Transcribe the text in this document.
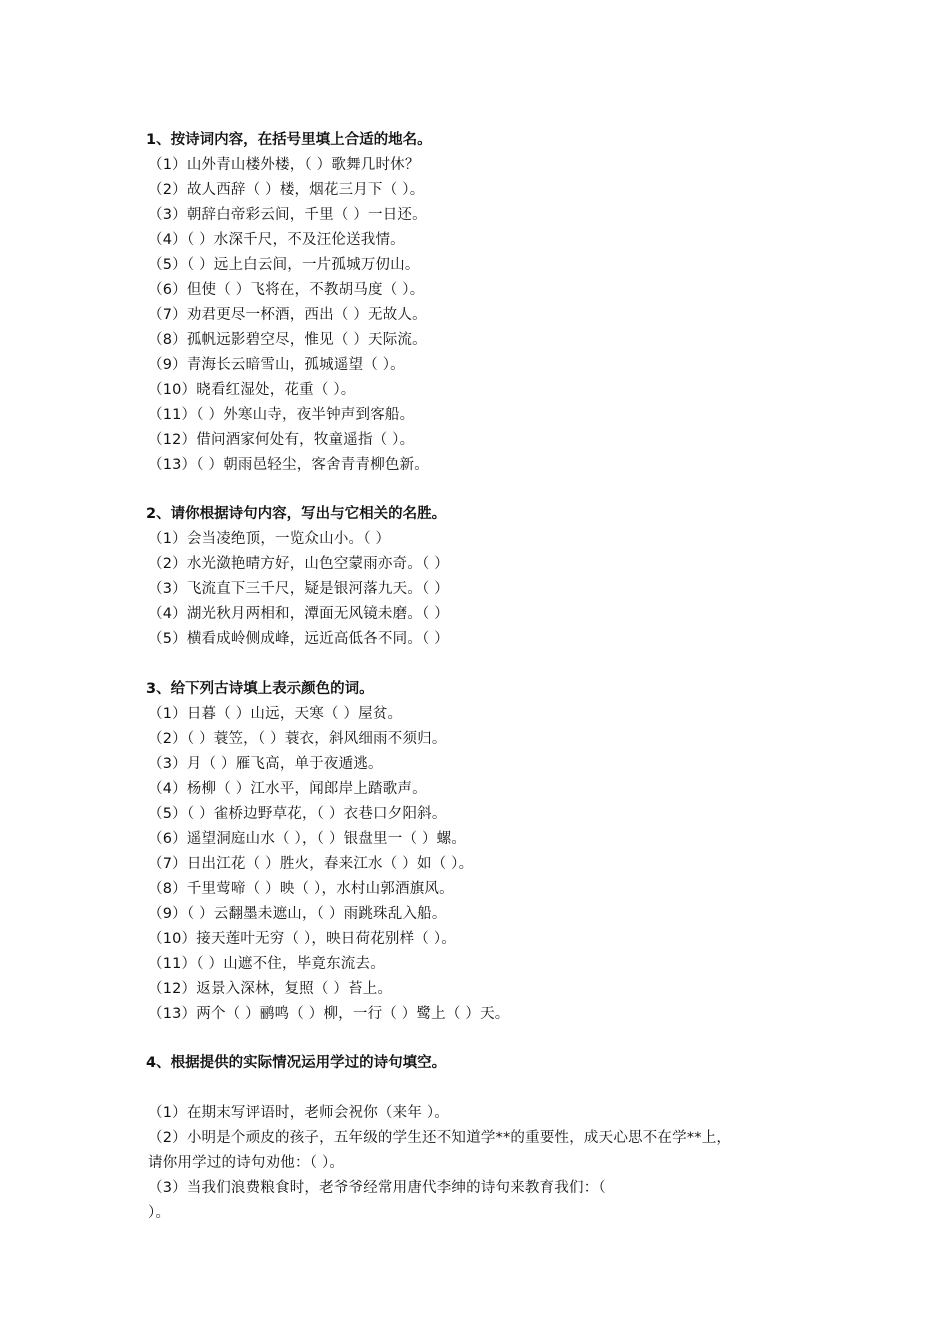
1、按诗词内容，在括号里填上合适的地名。
（1）山外青山楼外楼，（ ）歌舞几时休？
（2）故人西辞（ ）楼，烟花三月下（ ）。
（3）朝辞白帝彩云间，千里（ ）一日还。
（4）（ ）水深千尺，不及汪伦送我情。
（5）（ ）远上白云间，一片孤城万仞山。
（6）但使（ ）飞将在，不教胡马度（ ）。
（7）劝君更尽一杯酒，西出（ ）无故人。
（8）孤帆远影碧空尽，惟见（ ）天际流。
（9）青海长云暗雪山，孤城遥望（ ）。
（10）晓看红湿处，花重（ ）。
（11）（ ）外寒山寺，夜半钟声到客船。
（12）借问酒家何处有，牧童遥指（ ）。
（13）（ ）朝雨邑轻尘，客舍青青柳色新。
2、请你根据诗句内容，写出与它相关的名胜。
（1）会当凌绝顶，一览众山小。（ ）
（2）水光潋艳晴方好，山色空蒙雨亦奇。（ ）
（3）飞流直下三千尺，疑是银河落九天。（ ）
（4）湖光秋月两相和，潭面无风镜未磨。（ ）
（5）横看成岭侧成峰，远近高低各不同。（ ）
3、给下列古诗填上表示颜色的词。
（1）日暮（ ）山远，天寒（ ）屋贫。
（2）（ ）蓑笠，（ ）蓑衣，斜风细雨不须归。
（3）月（ ）雁飞高，单于夜遁逃。
（4）杨柳（ ）江水平，闻郎岸上踏歌声。
（5）（ ）雀桥边野草花，（ ）衣巷口夕阳斜。
（6）遥望洞庭山水（ ），（ ）银盘里一（ ）螺。
（7）日出江花（ ）胜火，春来江水（ ）如（ ）。
（8）千里莺啼（ ）映（ ），水村山郭酒旗风。
（9）（ ）云翻墨未遮山，（ ）雨跳珠乱入船。
（10）接天莲叶无穷（ ），映日荷花别样（ ）。
（11）（ ）山遮不住，毕竟东流去。
（12）返景入深林，复照（ ）苔上。
（13）两个（ ）鹂鸣（ ）柳，一行（ ）鹭上（ ）天。
4、根据提供的实际情况运用学过的诗句填空。
（1）在期末写评语时，老师会祝你（来年 ）。
（2）小明是个顽皮的孩子，五年级的学生还不知道学**的重要性，成天心思不在学**上，
请你用学过的诗句劝他：（ ）。
（3）当我们浪费粮食时，老爷爷经常用唐代李绅的诗句来教育我们：（
）。
